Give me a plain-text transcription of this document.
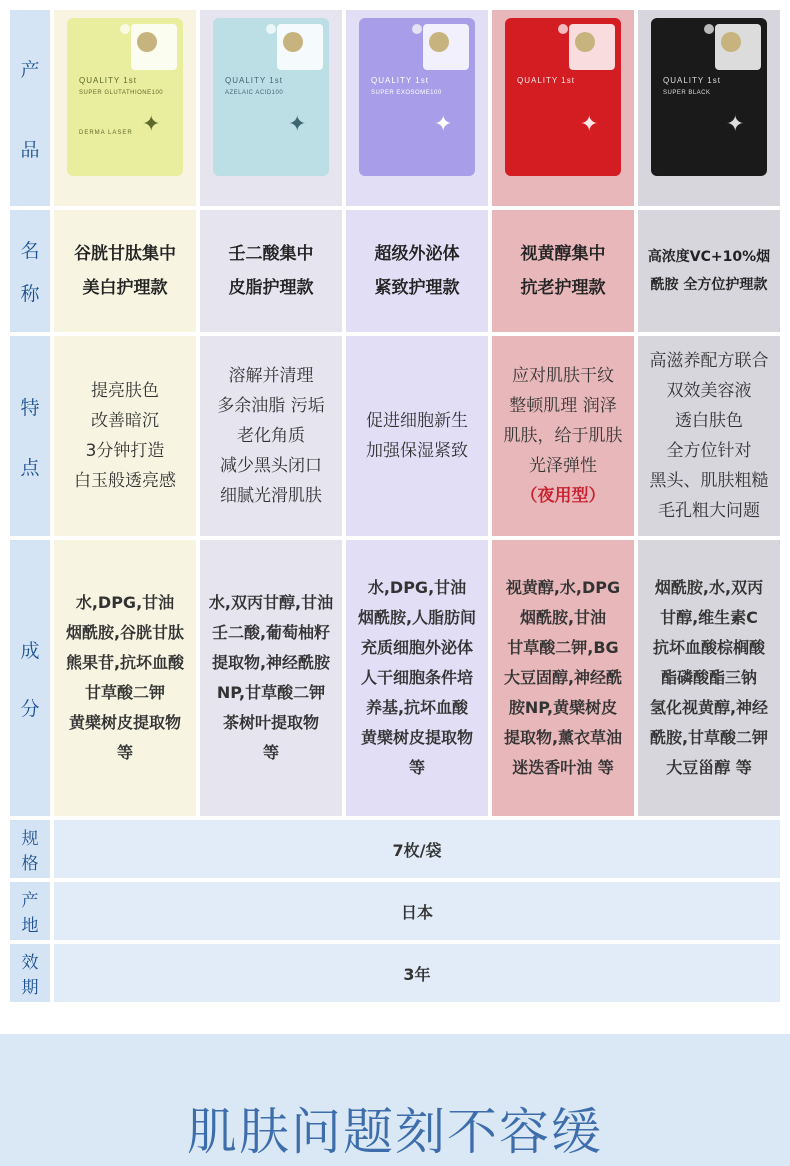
产
品
名
称
特
点
成
分
规
格
产
地
效
期
QUALITY 1st
SUPER GLUTATHIONE100
DERMA LASER ✦
QUALITY 1st
AZELAIC ACID100
✦
QUALITY 1st
SUPER EXOSOME100
✦
QUALITY 1st
✦
QUALITY 1st
SUPER BLACK
✦
谷胱甘肽集中
美白护理款
壬二酸集中
皮脂护理款
超级外泌体
紧致护理款
视黄醇集中
抗老护理款
高浓度VC+10%烟
酰胺 全方位护理款
提亮肤色
改善暗沉
3分钟打造
白玉般透亮感
溶解并清理
多余油脂 污垢
老化角质
减少黑头闭口
细腻光滑肌肤
促进细胞新生
加强保湿紧致
应对肌肤干纹
整顿肌理 润泽
肌肤，给于肌肤
光泽弹性
（夜用型）
高滋养配方联合
双效美容液
透白肤色
全方位针对
黑头、肌肤粗糙
毛孔粗大问题
水,DPG,甘油
烟酰胺,谷胱甘肽
熊果苷,抗坏血酸
甘草酸二钾
黄檗树皮提取物
等
水,双丙甘醇,甘油
壬二酸,葡萄柚籽
提取物,神经酰胺
NP,甘草酸二钾
茶树叶提取物
等
水,DPG,甘油
烟酰胺,人脂肪间
充质细胞外泌体
人干细胞条件培
养基,抗坏血酸
黄檗树皮提取物
等
视黄醇,水,DPG
烟酰胺,甘油
甘草酸二钾,BG
大豆固醇,神经酰
胺NP,黄檗树皮
提取物,薰衣草油
迷迭香叶油 等
烟酰胺,水,双丙
甘醇,维生素C
抗坏血酸棕榈酸
酯磷酸酯三钠
氢化视黄醇,神经
酰胺,甘草酸二钾
大豆甾醇 等
7枚/袋
日本
3年
肌肤问题刻不容缓
